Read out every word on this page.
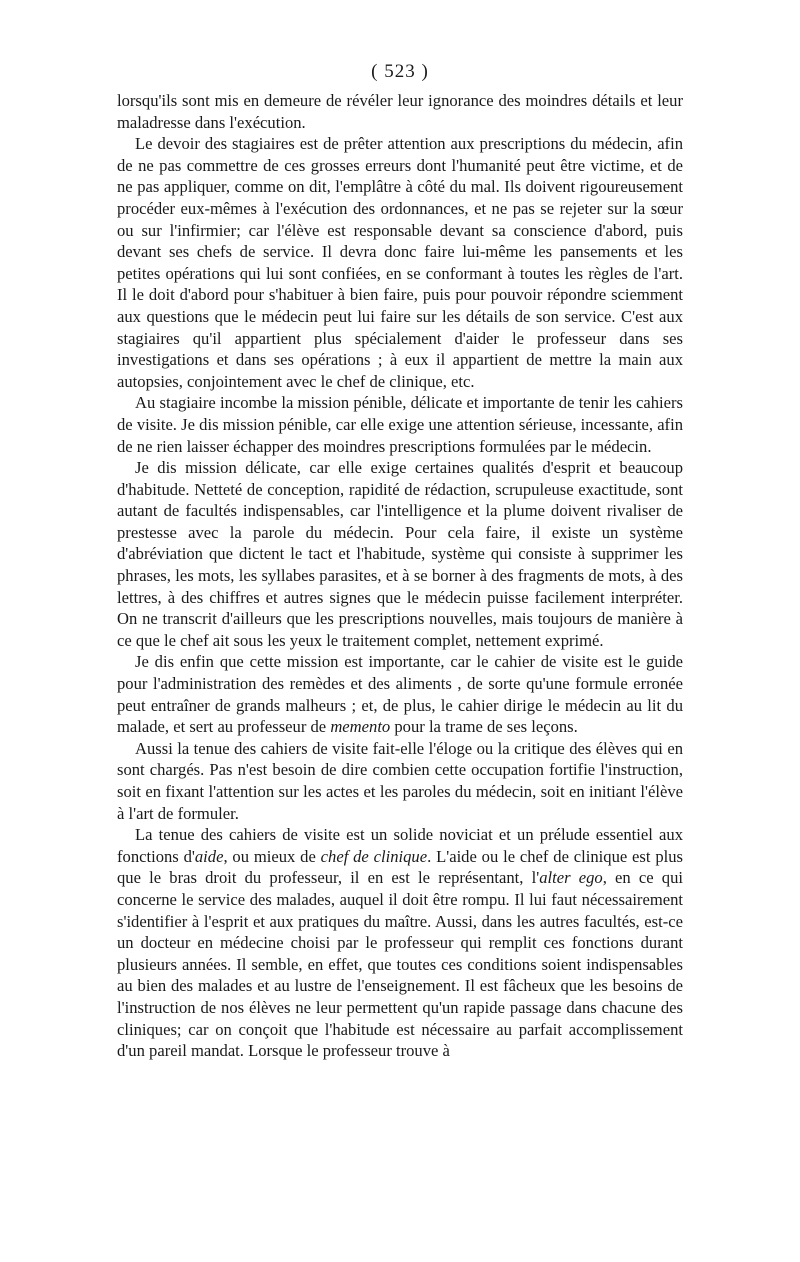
( 523 )

lorsqu'ils sont mis en demeure de révéler leur ignorance des moindres détails et leur maladresse dans l'exécution.

Le devoir des stagiaires est de prêter attention aux prescriptions du médecin, afin de ne pas commettre de ces grosses erreurs dont l'humanité peut être victime, et de ne pas appliquer, comme on dit, l'emplâtre à côté du mal. Ils doivent rigoureusement procéder eux-mêmes à l'exécution des ordonnances, et ne pas se rejeter sur la sœur ou sur l'infirmier; car l'élève est responsable devant sa conscience d'abord, puis devant ses chefs de service. Il devra donc faire lui-même les pansements et les petites opérations qui lui sont confiées, en se conformant à toutes les règles de l'art. Il le doit d'abord pour s'habituer à bien faire, puis pour pouvoir répondre sciemment aux questions que le médecin peut lui faire sur les détails de son service. C'est aux stagiaires qu'il appartient plus spécialement d'aider le professeur dans ses investigations et dans ses opérations ; à eux il appartient de mettre la main aux autopsies, conjointement avec le chef de clinique, etc.

Au stagiaire incombe la mission pénible, délicate et importante de tenir les cahiers de visite. Je dis mission pénible, car elle exige une attention sérieuse, incessante, afin de ne rien laisser échapper des moindres prescriptions formulées par le médecin.

Je dis mission délicate, car elle exige certaines qualités d'esprit et beaucoup d'habitude. Netteté de conception, rapidité de rédaction, scrupuleuse exactitude, sont autant de facultés indispensables, car l'intelligence et la plume doivent rivaliser de prestesse avec la parole du médecin. Pour cela faire, il existe un système d'abréviation que dictent le tact et l'habitude, système qui consiste à supprimer les phrases, les mots, les syllabes parasites, et à se borner à des fragments de mots, à des lettres, à des chiffres et autres signes que le médecin puisse facilement interpréter. On ne transcrit d'ailleurs que les prescriptions nouvelles, mais toujours de manière à ce que le chef ait sous les yeux le traitement complet, nettement exprimé.

Je dis enfin que cette mission est importante, car le cahier de visite est le guide pour l'administration des remèdes et des aliments , de sorte qu'une formule erronée peut entraîner de grands malheurs ; et, de plus, le cahier dirige le médecin au lit du malade, et sert au professeur de memento pour la trame de ses leçons.

Aussi la tenue des cahiers de visite fait-elle l'éloge ou la critique des élèves qui en sont chargés. Pas n'est besoin de dire combien cette occupation fortifie l'instruction, soit en fixant l'attention sur les actes et les paroles du médecin, soit en initiant l'élève à l'art de formuler.

La tenue des cahiers de visite est un solide noviciat et un prélude essentiel aux fonctions d'aide, ou mieux de chef de clinique. L'aide ou le chef de clinique est plus que le bras droit du professeur, il en est le représentant, l'alter ego, en ce qui concerne le service des malades, auquel il doit être rompu. Il lui faut nécessairement s'identifier à l'esprit et aux pratiques du maître. Aussi, dans les autres facultés, est-ce un docteur en médecine choisi par le professeur qui remplit ces fonctions durant plusieurs années. Il semble, en effet, que toutes ces conditions soient indispensables au bien des malades et au lustre de l'enseignement. Il est fâcheux que les besoins de l'instruction de nos élèves ne leur permettent qu'un rapide passage dans chacune des cliniques; car on conçoit que l'habitude est nécessaire au parfait accomplissement d'un pareil mandat. Lorsque le professeur trouve à
